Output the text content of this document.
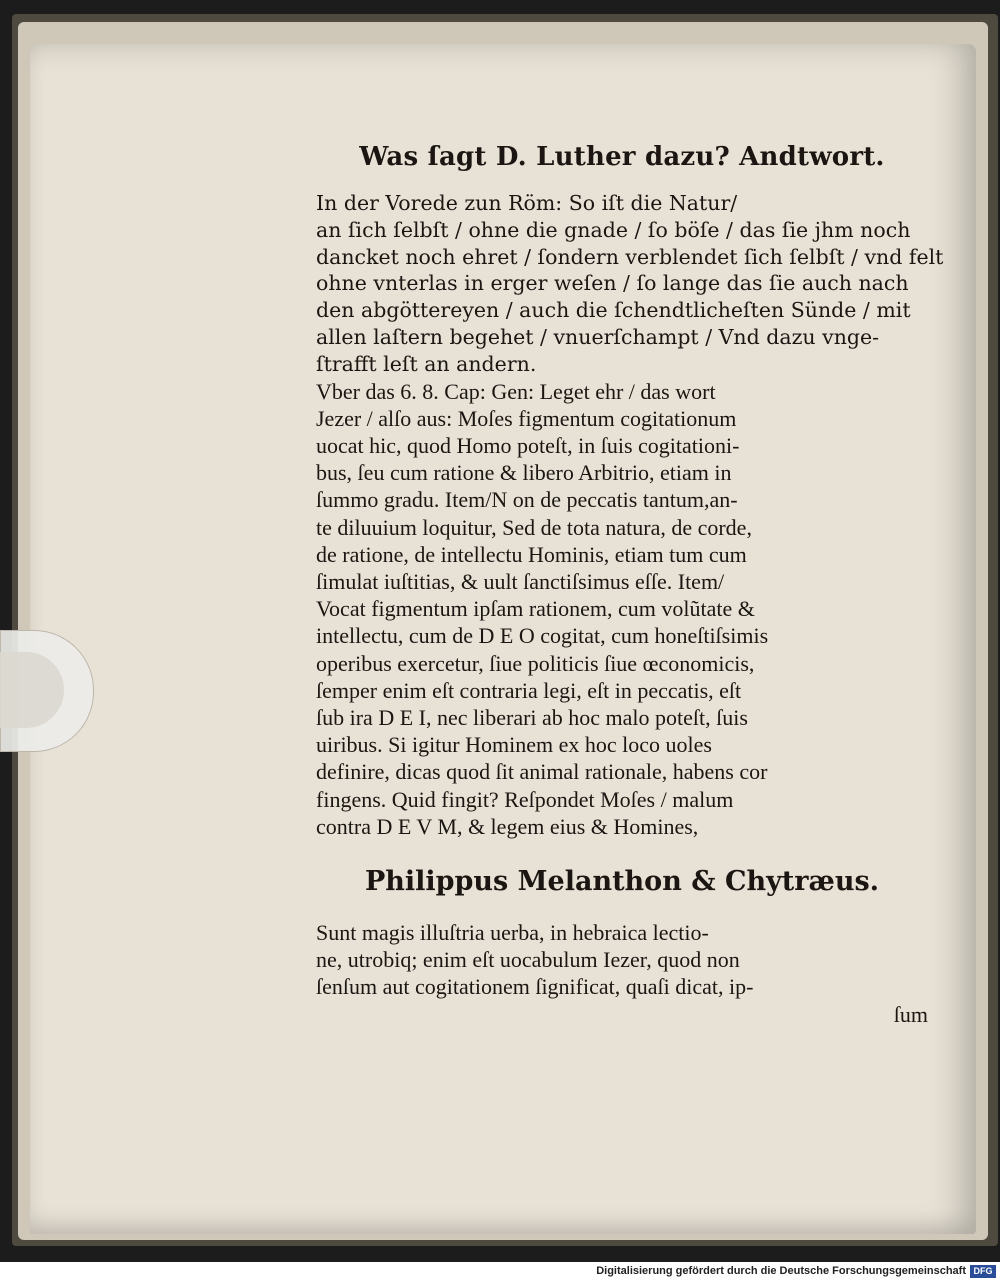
Was ſagt D. Luther dazu? Andtwort.

In der Vorede zun Röm: So iſt die Natur/
an ſich ſelbſt / ohne die gnade / ſo böſe / das ſie jhm noch
dancket noch ehret / ſondern verblendet ſich ſelbſt / vnd felt
ohne vnterlas in erger weſen / ſo lange das ſie auch nach
den abgöttereyen / auch die ſchendtlicheſten Sünde / mit
allen laſtern begehet / vnuerſchampt / Vnd dazu vnge-
ſtrafft leſt an andern.

Vber das 6. 8. Cap: Gen: Leget ehr / das wort
Jezer / alſo aus: Moſes figmentum cogitationum
uocat hic, quod Homo poteſt, in ſuis cogitationi-
bus, ſeu cum ratione & libero Arbitrio, etiam in
ſummo gradu. Item/N on de peccatis tantum,an-
te diluuium loquitur, Sed de tota natura, de corde,
de ratione, de intellectu Hominis, etiam tum cum
ſimulat iuſtitias, & uult ſanctiſsimus eſſe. Item/
Vocat figmentum ipſam rationem, cum volũtate &
intellectu, cum de D E O cogitat, cum honeſtiſsimis
operibus exercetur, ſiue politicis ſiue œconomicis,
ſemper enim eſt contraria legi, eſt in peccatis, eſt
ſub ira D E I, nec liberari ab hoc malo poteſt, ſuis
uiribus. Si igitur Hominem ex hoc loco uoles
definire, dicas quod ſit animal rationale, habens cor
fingens. Quid fingit? Reſpondet Moſes / malum
contra D E V M, & legem eius & Homines,

Philippus Melanthon & Chytræus.

Sunt magis illuſtria uerba, in hebraica lectio-
ne, utrobiq; enim eſt uocabulum Iezer, quod non
ſenſum aut cogitationem ſignificat, quaſi dicat, ip-
ſum

Digitalisierung gefördert durch die Deutsche Forschungsgemeinschaft DFG
